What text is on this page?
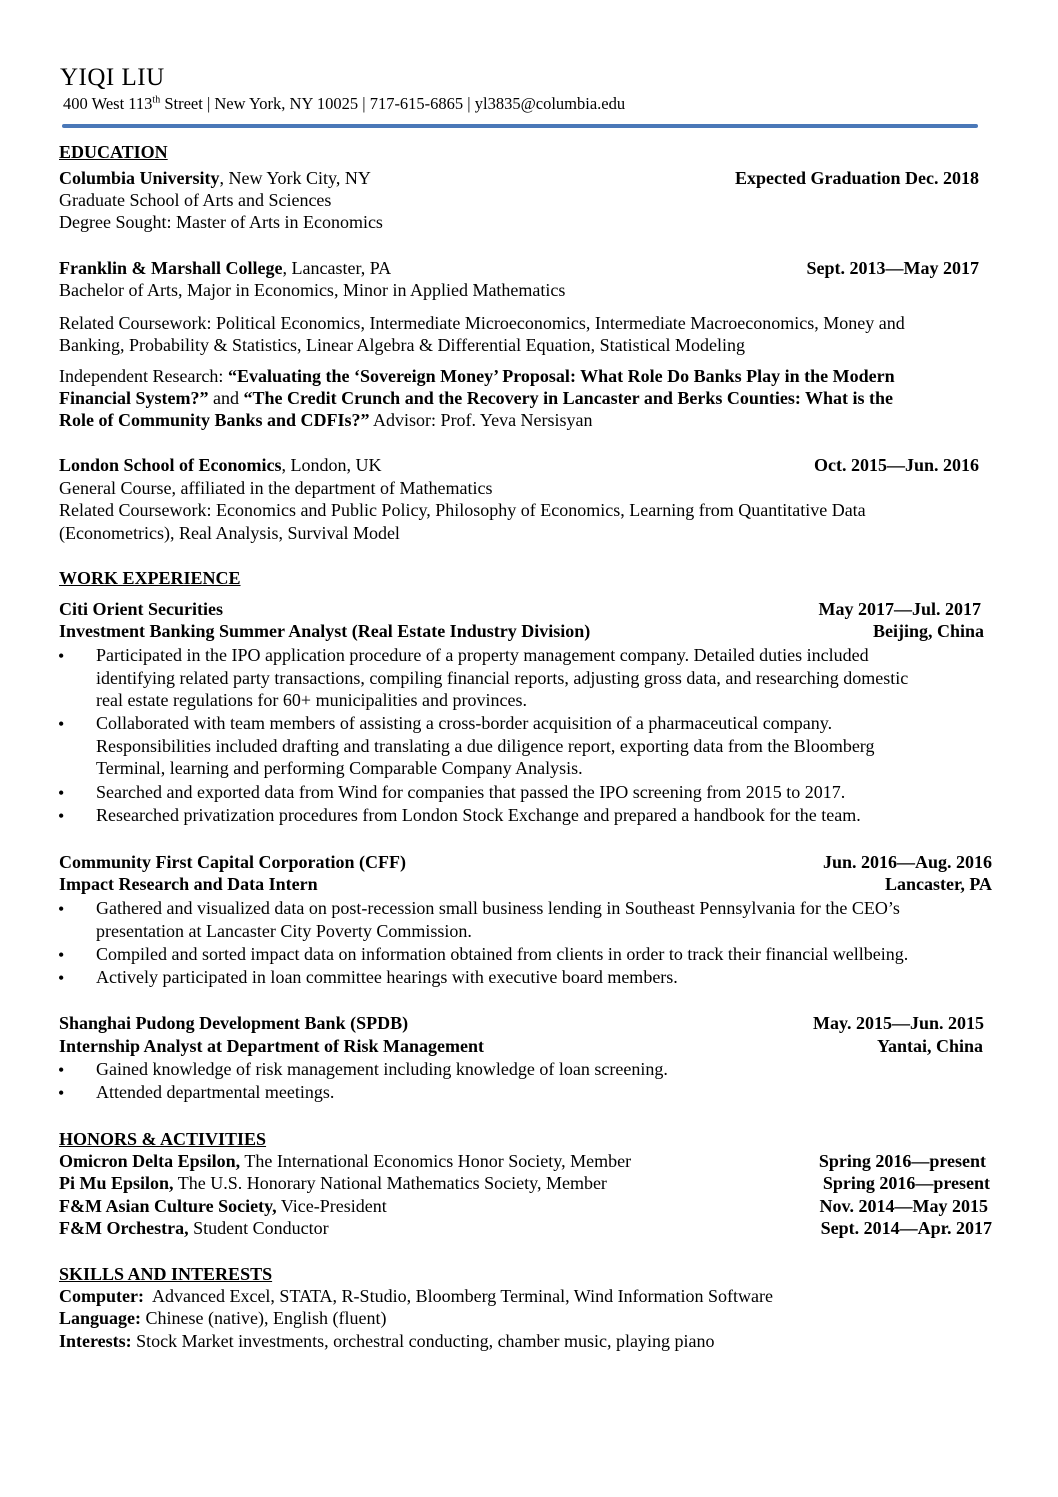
YIQI LIU
400 West 113th Street | New York, NY 10025 | 717-615-6865 | yl3835@columbia.edu
EDUCATION
Columbia University, New York City, NY	Expected Graduation Dec. 2018
Graduate School of Arts and Sciences
Degree Sought: Master of Arts in Economics
Franklin & Marshall College, Lancaster, PA	Sept. 2013—May 2017
Bachelor of Arts, Major in Economics, Minor in Applied Mathematics
Related Coursework: Political Economics, Intermediate Microeconomics, Intermediate Macroeconomics, Money and
Banking, Probability & Statistics, Linear Algebra & Differential Equation, Statistical Modeling
Independent Research: “Evaluating the ‘Sovereign Money’ Proposal: What Role Do Banks Play in the Modern
Financial System?” and “The Credit Crunch and the Recovery in Lancaster and Berks Counties: What is the
Role of Community Banks and CDFIs?” Advisor: Prof. Yeva Nersisyan
London School of Economics, London, UK	Oct. 2015—Jun. 2016
General Course, affiliated in the department of Mathematics
Related Coursework: Economics and Public Policy, Philosophy of Economics, Learning from Quantitative Data
(Econometrics), Real Analysis, Survival Model
WORK EXPERIENCE
Citi Orient Securities	May 2017—Jul. 2017
Investment Banking Summer Analyst (Real Estate Industry Division)	Beijing, China
• Participated in the IPO application procedure of a property management company. Detailed duties included
identifying related party transactions, compiling financial reports, adjusting gross data, and researching domestic
real estate regulations for 60+ municipalities and provinces.
• Collaborated with team members of assisting a cross-border acquisition of a pharmaceutical company.
Responsibilities included drafting and translating a due diligence report, exporting data from the Bloomberg
Terminal, learning and performing Comparable Company Analysis.
• Searched and exported data from Wind for companies that passed the IPO screening from 2015 to 2017.
• Researched privatization procedures from London Stock Exchange and prepared a handbook for the team.
Community First Capital Corporation (CFF)	Jun. 2016—Aug. 2016
Impact Research and Data Intern	Lancaster, PA
• Gathered and visualized data on post-recession small business lending in Southeast Pennsylvania for the CEO’s
presentation at Lancaster City Poverty Commission.
• Compiled and sorted impact data on information obtained from clients in order to track their financial wellbeing.
• Actively participated in loan committee hearings with executive board members.
Shanghai Pudong Development Bank (SPDB)	May. 2015—Jun. 2015
Internship Analyst at Department of Risk Management	Yantai, China
• Gained knowledge of risk management including knowledge of loan screening.
• Attended departmental meetings.
HONORS & ACTIVITIES
Omicron Delta Epsilon, The International Economics Honor Society, Member	Spring 2016—present
Pi Mu Epsilon, The U.S. Honorary National Mathematics Society, Member	Spring 2016—present
F&M Asian Culture Society, Vice-President	Nov. 2014—May 2015
F&M Orchestra, Student Conductor	Sept. 2014—Apr. 2017
SKILLS AND INTERESTS
Computer:  Advanced Excel, STATA, R-Studio, Bloomberg Terminal, Wind Information Software
Language: Chinese (native), English (fluent)
Interests: Stock Market investments, orchestral conducting, chamber music, playing piano
